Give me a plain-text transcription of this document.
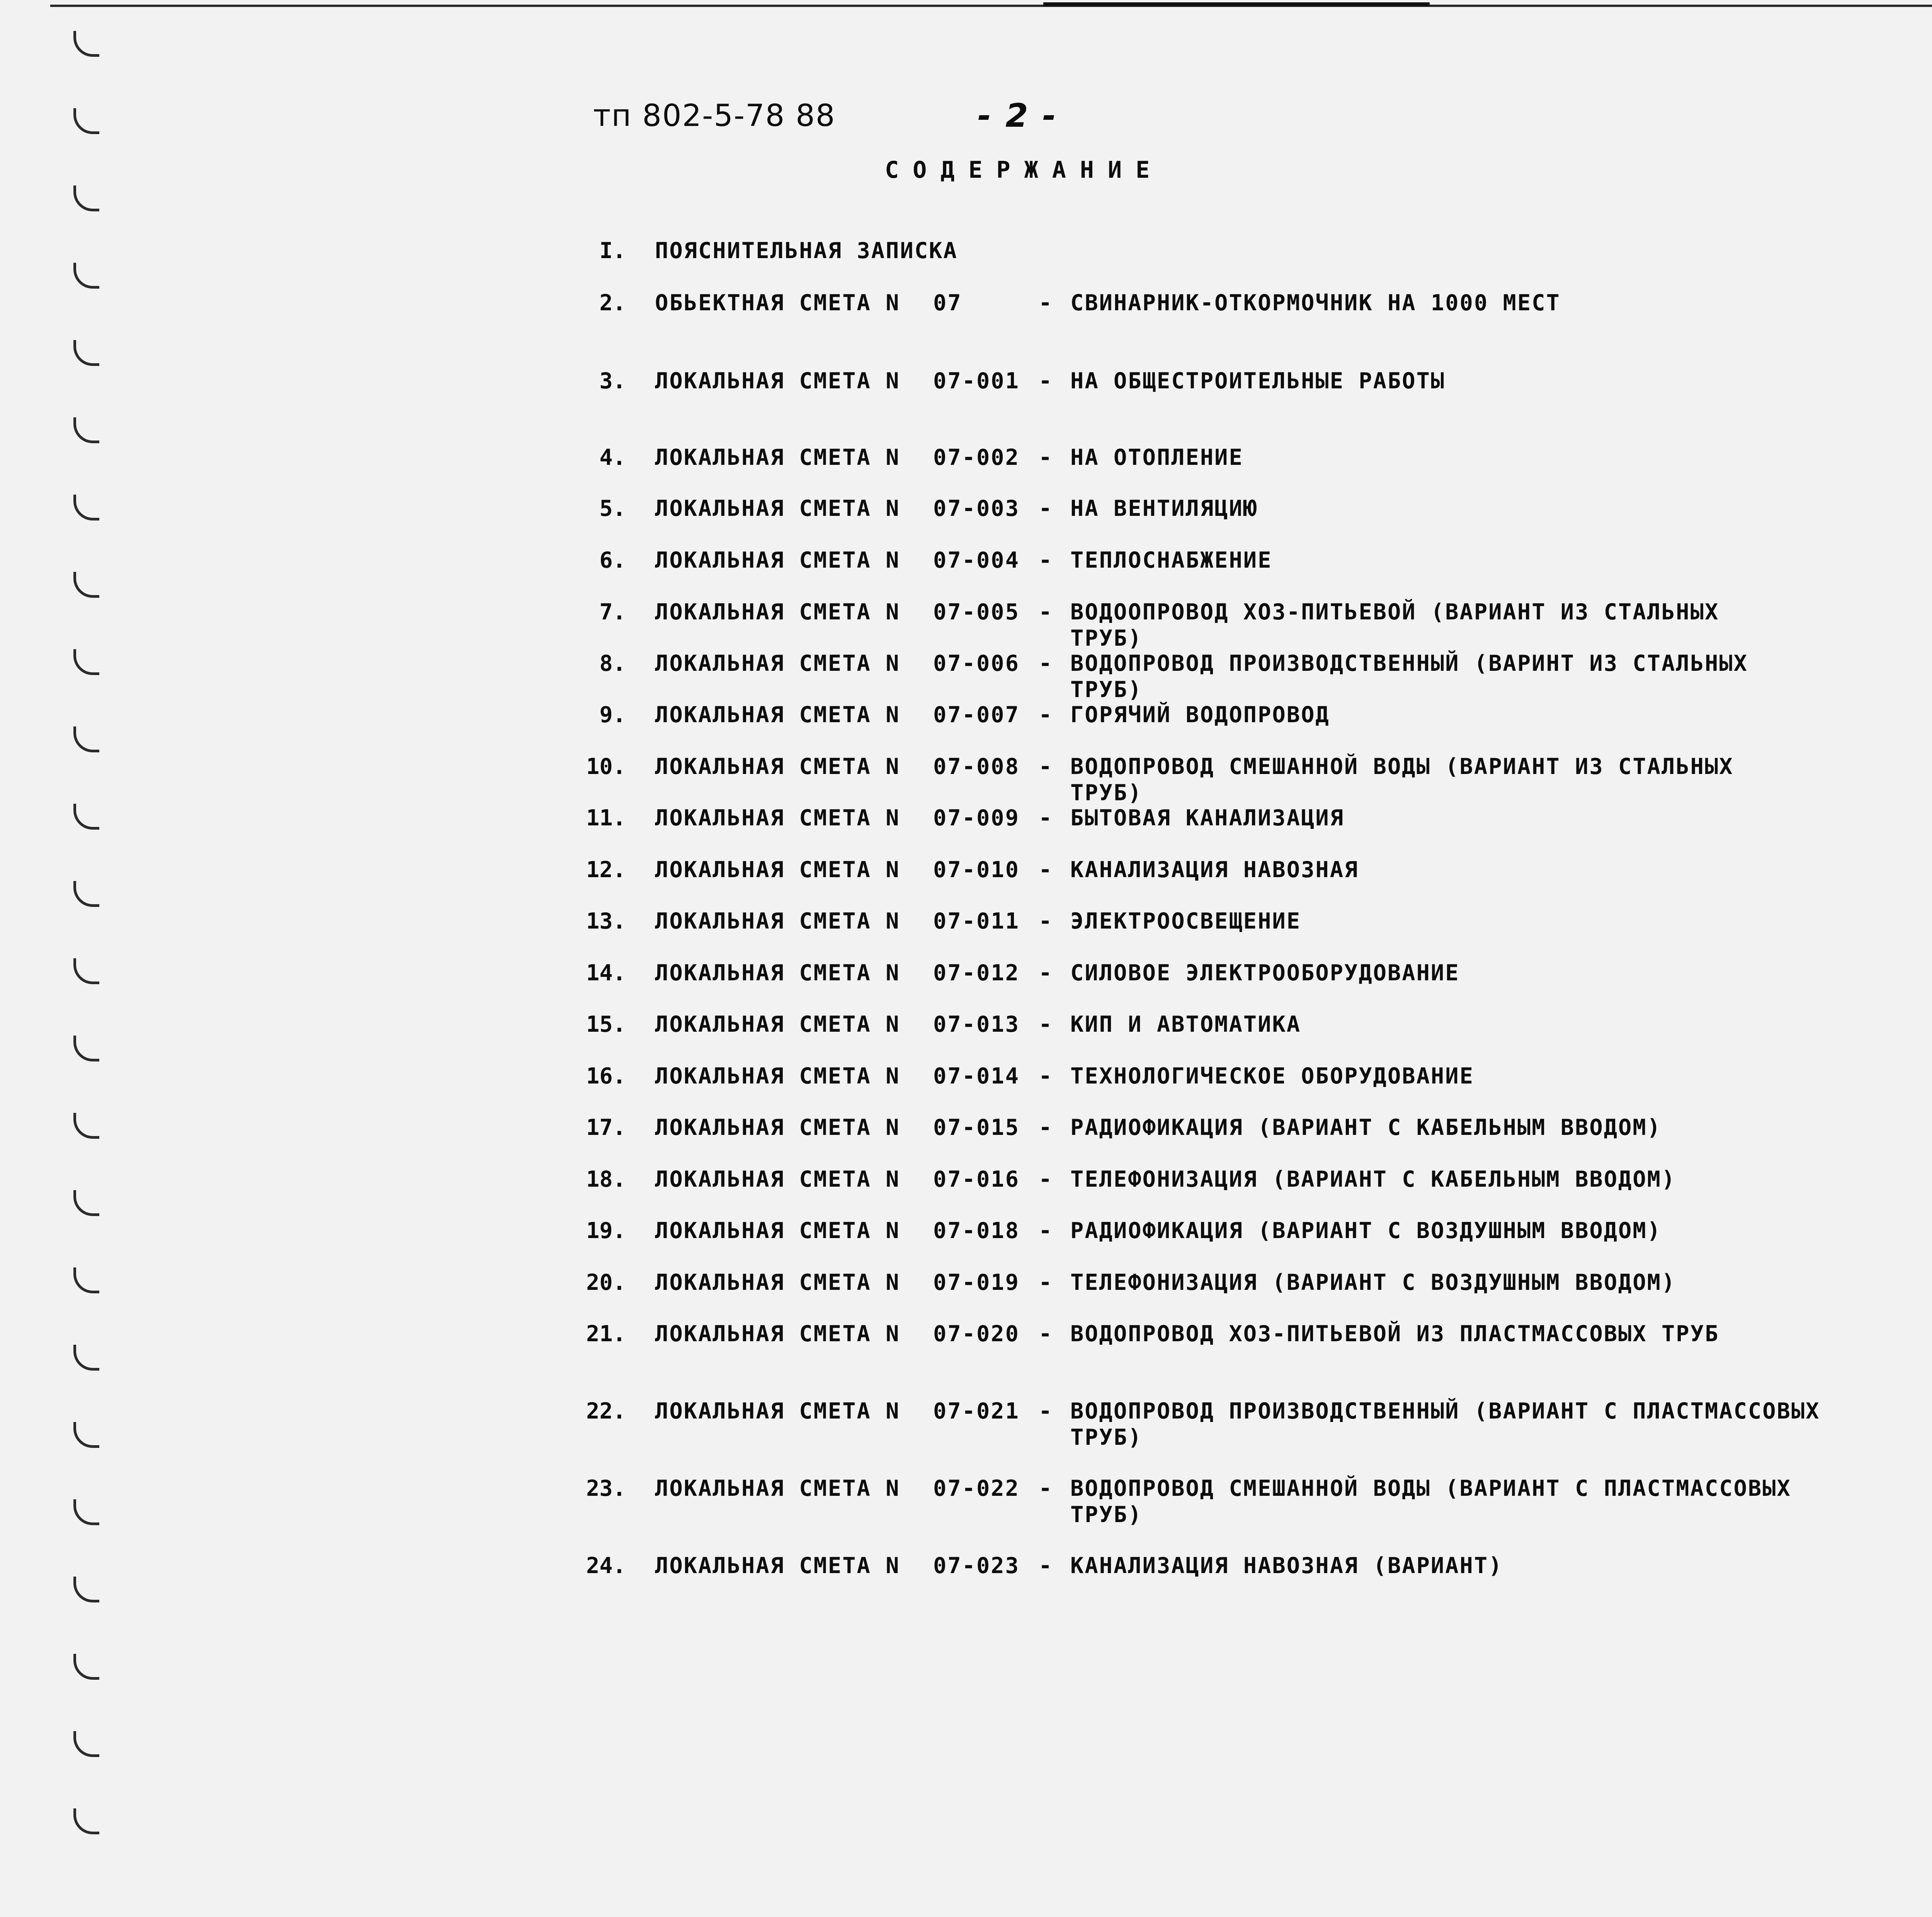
тп 802-5-78 88	- 2 -
СОДЕРЖАНИЕ
I. ПОЯСНИТЕЛЬНАЯ ЗАПИСКА
2. ОБЬЕКТНАЯ СМЕТА N 07	- СВИНАРНИК-ОТКОРМОЧНИК НА 1000 МЕСТ
3. ЛОКАЛЬНАЯ СМЕТА N 07-001 - НА ОБЩЕСТРОИТЕЛЬНЫЕ РАБОТЫ
4. ЛОКАЛЬНАЯ СМЕТА N 07-002 - НА ОТОПЛЕНИЕ
5. ЛОКАЛЬНАЯ СМЕТА N 07-003 - НА ВЕНТИЛЯЦИЮ
6. ЛОКАЛЬНАЯ СМЕТА N 07-004 - ТЕПЛОСНАБЖЕНИЕ
7. ЛОКАЛЬНАЯ СМЕТА N 07-005 - ВОДООПРОВОД ХОЗ-ПИТЬЕВОЙ (ВАРИАНТ ИЗ СТАЛЬНЫХ
ТРУБ)
8. ЛОКАЛЬНАЯ СМЕТА N 07-006 - ВОДОПРОВОД ПРОИЗВОДСТВЕННЫЙ (ВАРИНТ ИЗ СТАЛЬНЫХ
ТРУБ)
9. ЛОКАЛЬНАЯ СМЕТА N 07-007 - ГОРЯЧИЙ ВОДОПРОВОД
10. ЛОКАЛЬНАЯ СМЕТА N 07-008 - ВОДОПРОВОД СМЕШАННОЙ ВОДЫ (ВАРИАНТ ИЗ СТАЛЬНЫХ
ТРУБ)
11. ЛОКАЛЬНАЯ СМЕТА N 07-009 - БЫТОВАЯ КАНАЛИЗАЦИЯ
12. ЛОКАЛЬНАЯ СМЕТА N 07-010 - КАНАЛИЗАЦИЯ НАВОЗНАЯ
13. ЛОКАЛЬНАЯ СМЕТА N 07-011 - ЭЛЕКТРООСВЕЩЕНИЕ
14. ЛОКАЛЬНАЯ СМЕТА N 07-012 - СИЛОВОЕ ЭЛЕКТРООБОРУДОВАНИЕ
15. ЛОКАЛЬНАЯ СМЕТА N 07-013 - КИП И АВТОМАТИКА
16. ЛОКАЛЬНАЯ СМЕТА N 07-014 - ТЕХНОЛОГИЧЕСКОЕ ОБОРУДОВАНИЕ
17. ЛОКАЛЬНАЯ СМЕТА N 07-015 - РАДИОФИКАЦИЯ (ВАРИАНТ С КАБЕЛЬНЫМ ВВОДОМ)
18. ЛОКАЛЬНАЯ СМЕТА N 07-016 - ТЕЛЕФОНИЗАЦИЯ (ВАРИАНТ С КАБЕЛЬНЫМ ВВОДОМ)
19. ЛОКАЛЬНАЯ СМЕТА N 07-018 - РАДИОФИКАЦИЯ (ВАРИАНТ С ВОЗДУШНЫМ ВВОДОМ)
20. ЛОКАЛЬНАЯ СМЕТА N 07-019 - ТЕЛЕФОНИЗАЦИЯ (ВАРИАНТ С ВОЗДУШНЫМ ВВОДОМ)
21. ЛОКАЛЬНАЯ СМЕТА N 07-020 - ВОДОПРОВОД ХОЗ-ПИТЬЕВОЙ ИЗ ПЛАСТМАССОВЫХ ТРУБ
22. ЛОКАЛЬНАЯ СМЕТА N 07-021 - ВОДОПРОВОД ПРОИЗВОДСТВЕННЫЙ (ВАРИАНТ С ПЛАСТМАССОВЫХ
ТРУБ)
23. ЛОКАЛЬНАЯ СМЕТА N 07-022 - ВОДОПРОВОД СМЕШАННОЙ ВОДЫ (ВАРИАНТ С ПЛАСТМАССОВЫХ
ТРУБ)
24. ЛОКАЛЬНАЯ СМЕТА N 07-023 - КАНАЛИЗАЦИЯ НАВОЗНАЯ (ВАРИАНТ)
